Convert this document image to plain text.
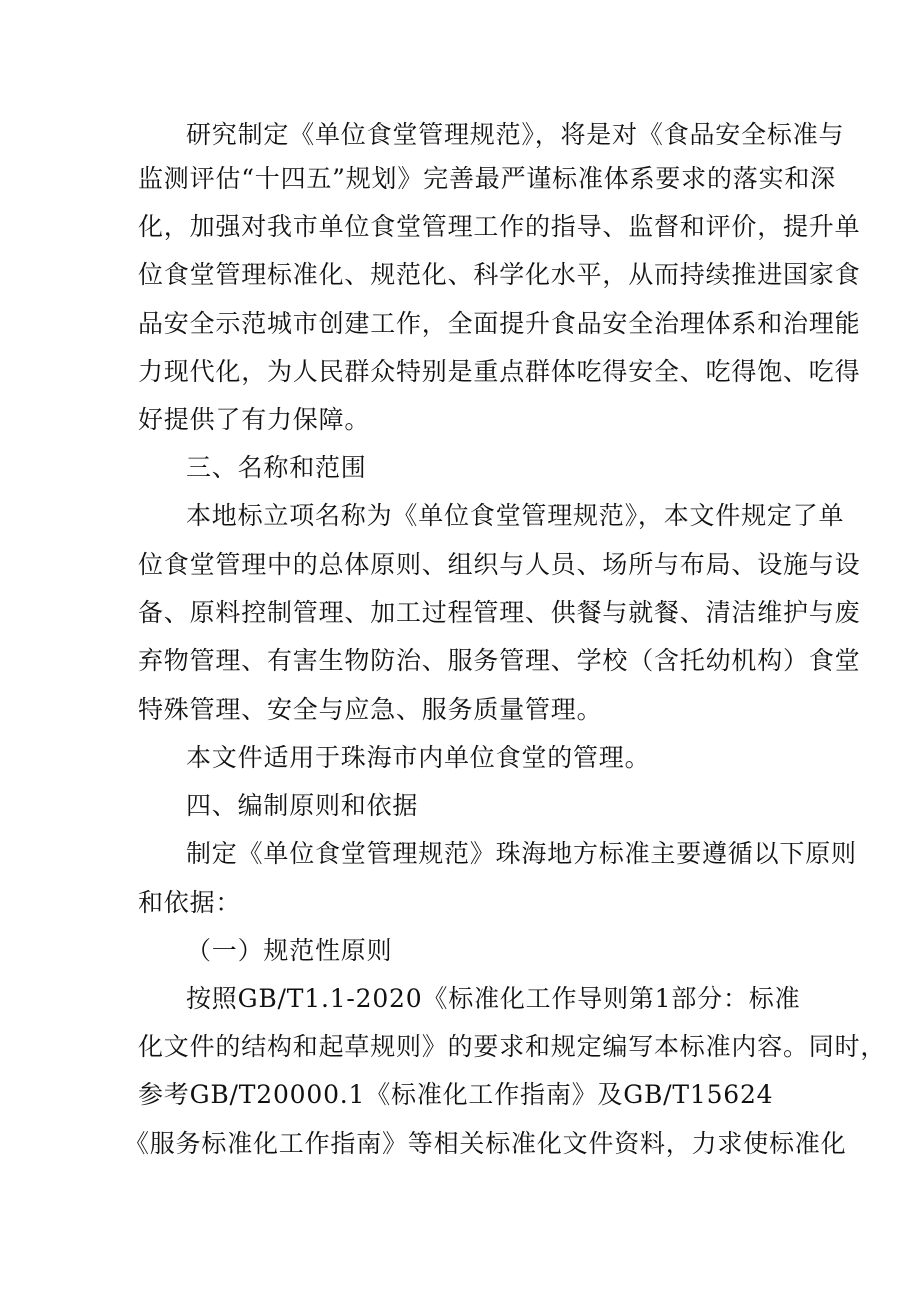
研究制定《单位食堂管理规范》，将是对《食品安全标准与
监测评估“十四五”规划》完善最严谨标准体系要求的落实和深
化，加强对我市单位食堂管理工作的指导、监督和评价，提升单
位食堂管理标准化、规范化、科学化水平，从而持续推进国家食
品安全示范城市创建工作，全面提升食品安全治理体系和治理能
力现代化，为人民群众特别是重点群体吃得安全、吃得饱、吃得
好提供了有力保障。
三、名称和范围
本地标立项名称为《单位食堂管理规范》，本文件规定了单
位食堂管理中的总体原则、组织与人员、场所与布局、设施与设
备、原料控制管理、加工过程管理、供餐与就餐、清洁维护与废
弃物管理、有害生物防治、服务管理、学校（含托幼机构）食堂
特殊管理、安全与应急、服务质量管理。
本文件适用于珠海市内单位食堂的管理。
四、编制原则和依据
制定《单位食堂管理规范》珠海地方标准主要遵循以下原则
和依据：
（一）规范性原则
按照GB/T1.1-2020《标准化工作导则第1部分：标准
化文件的结构和起草规则》的要求和规定编写本标准内容。同时，
参考GB/T20000.1《标准化工作指南》及GB/T15624
《服务标准化工作指南》等相关标准化文件资料，力求使标准化
